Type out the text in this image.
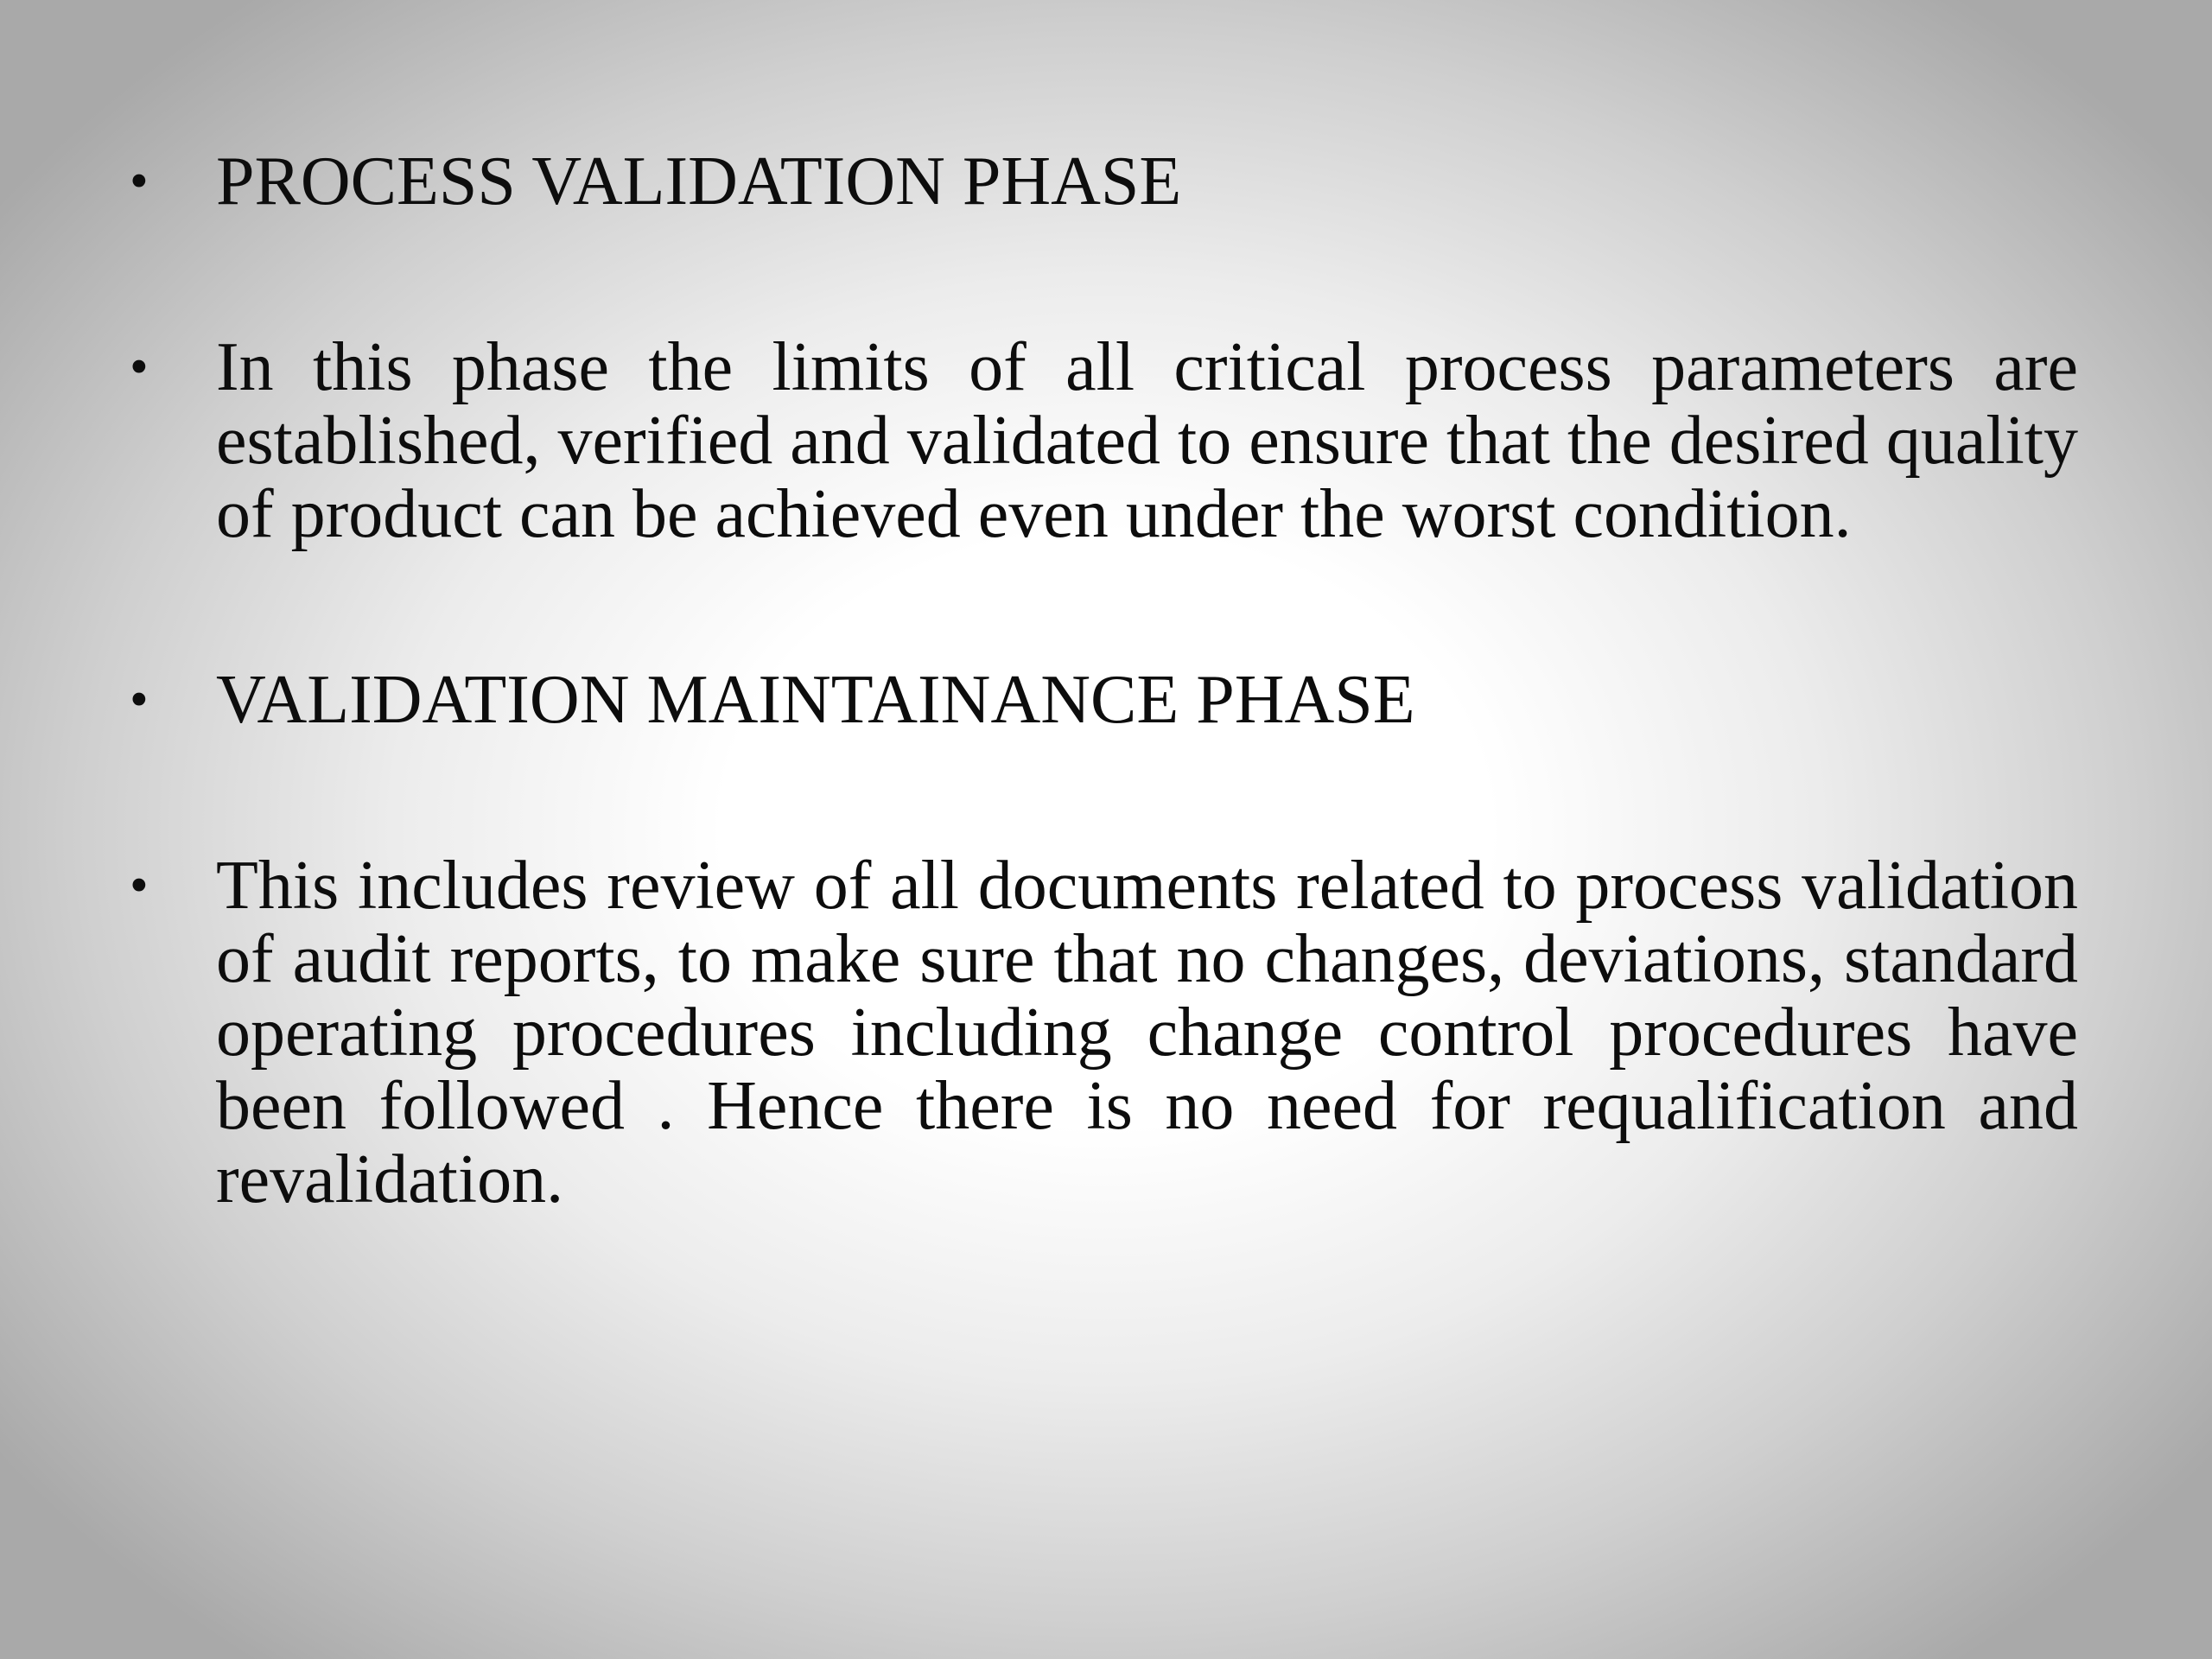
• PROCESS VALIDATION PHASE
• In this phase the limits of all critical process parameters are established, verified and validated to ensure that the desired quality of product can be achieved even under the worst condition.
• VALIDATION MAINTAINANCE PHASE
• This includes review of all documents related to process validation of audit reports, to make sure that no changes, deviations, standard operating procedures including change control procedures have been followed . Hence there is no need for requalification and revalidation.
